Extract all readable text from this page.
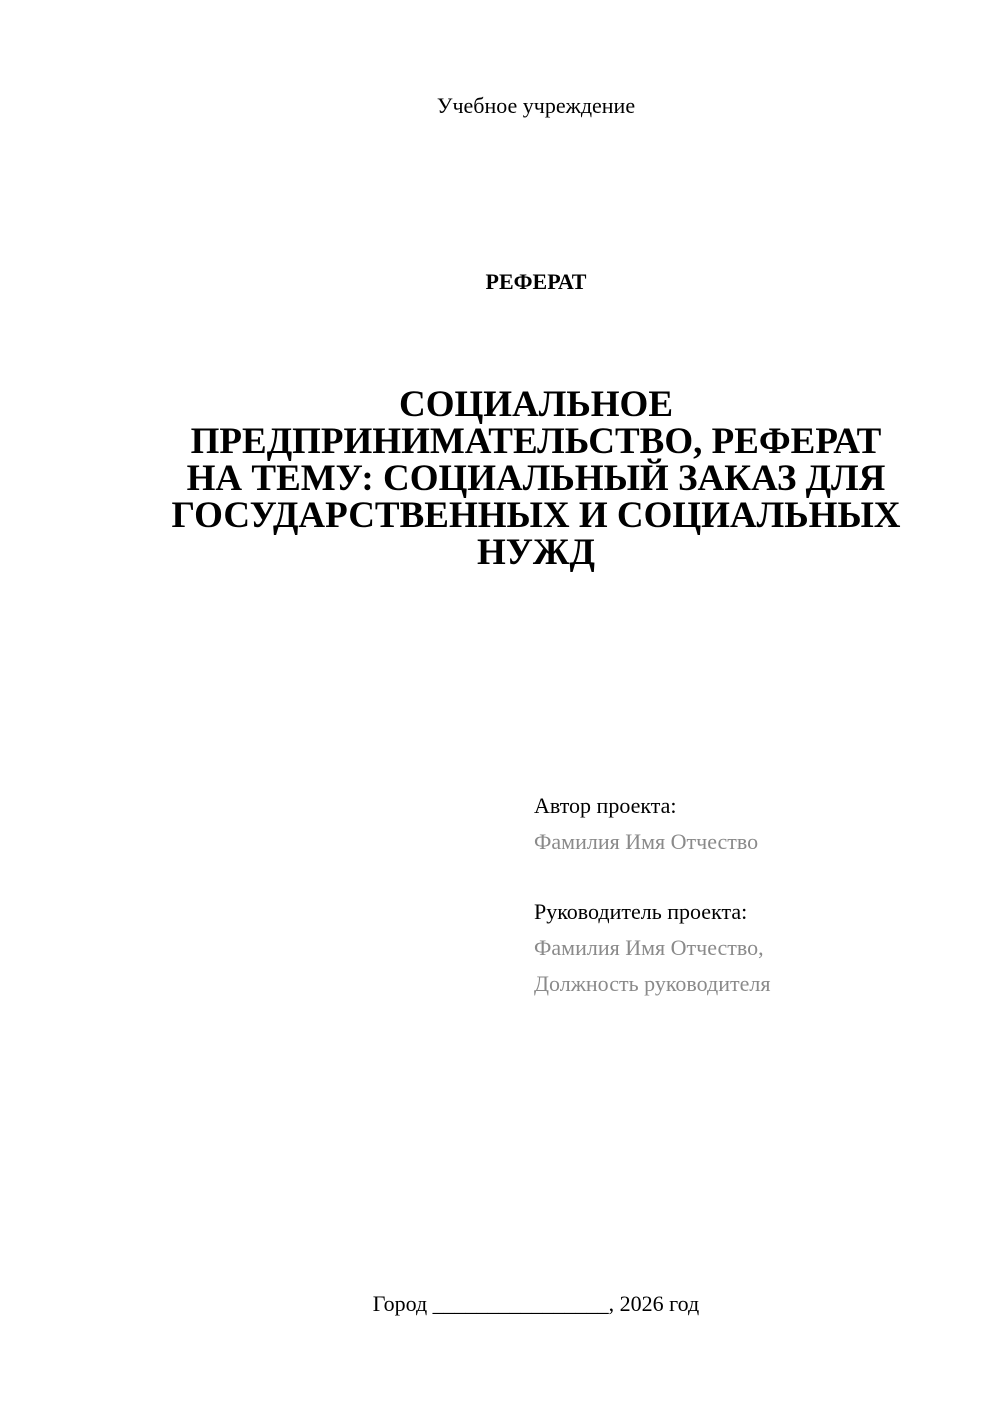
Учебное учреждение
РЕФЕРАТ
СОЦИАЛЬНОЕ
ПРЕДПРИНИМАТЕЛЬСТВО, РЕФЕРАТ
НА ТЕМУ: СОЦИАЛЬНЫЙ ЗАКАЗ ДЛЯ
ГОСУДАРСТВЕННЫХ И СОЦИАЛЬНЫХ
НУЖД
Автор проекта:
Фамилия Имя Отчество
Руководитель проекта:
Фамилия Имя Отчество,
Должность руководителя
Город ________________, 2026 год
